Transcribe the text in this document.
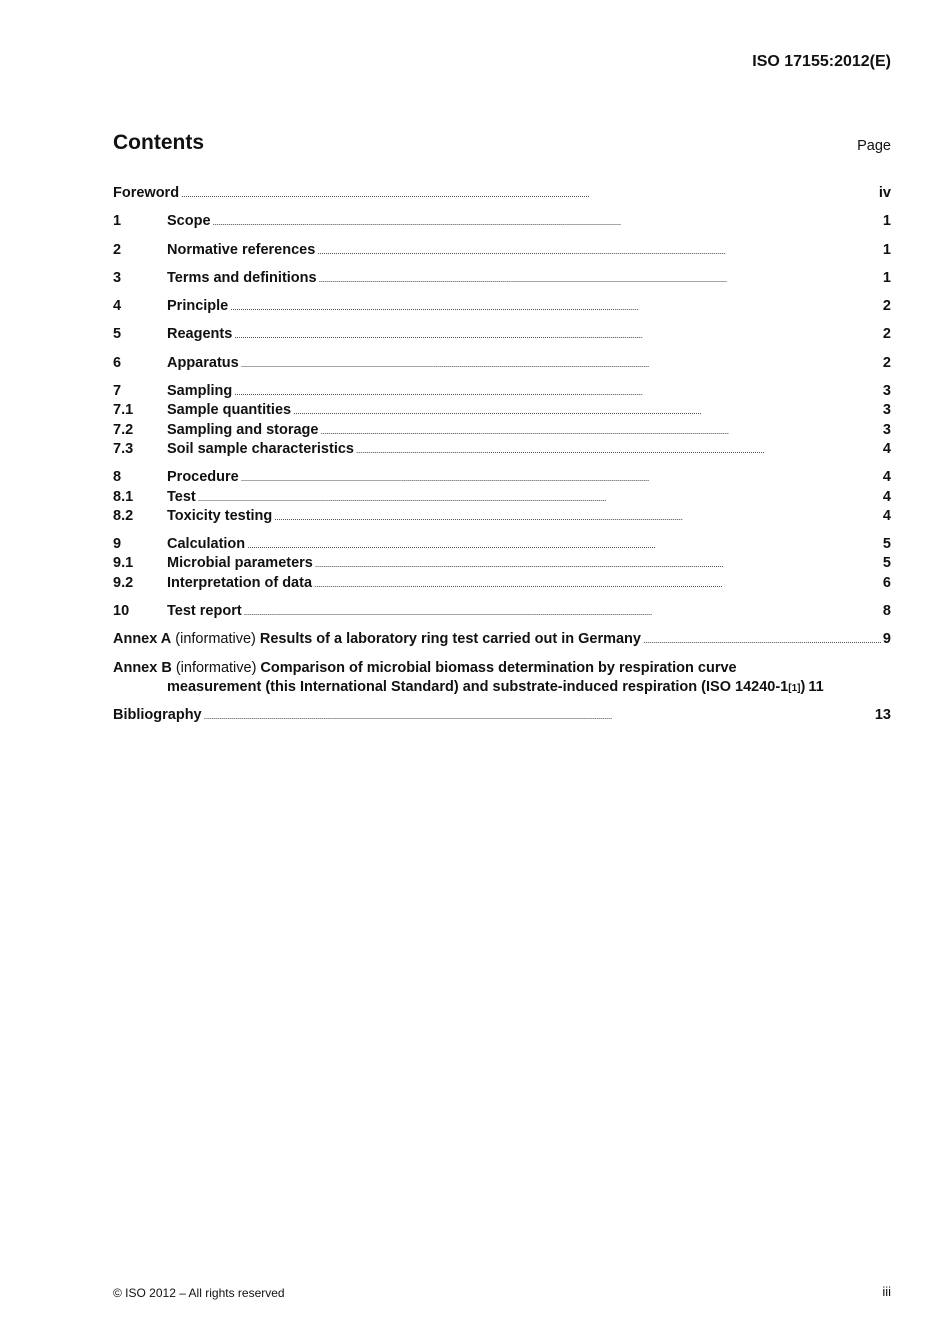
ISO 17155:2012(E)
Contents	Page
Foreword . . .	iv
1	Scope . . .	1
2	Normative references . . .	1
3	Terms and definitions . . .	1
4	Principle . . .	2
5	Reagents . . .	2
6	Apparatus . . .	2
7	Sampling . . .	3
7.1	Sample quantities . . .	3
7.2	Sampling and storage . . .	3
7.3	Soil sample characteristics . . .	4
8	Procedure . . .	4
8.1	Test . . .	4
8.2	Toxicity testing . . .	4
9	Calculation . . .	5
9.1	Microbial parameters . . .	5
9.2	Interpretation of data . . .	6
10	Test report . . .	8
Annex A (informative) Results of a laboratory ring test carried out in Germany . . .	9
Annex B (informative) Comparison of microbial biomass determination by respiration curve
measurement (this International Standard) and substrate-induced respiration (ISO 14240-1 [1] ) 11
Bibliography . . .	13
© ISO 2012 – All rights reserved	iii
